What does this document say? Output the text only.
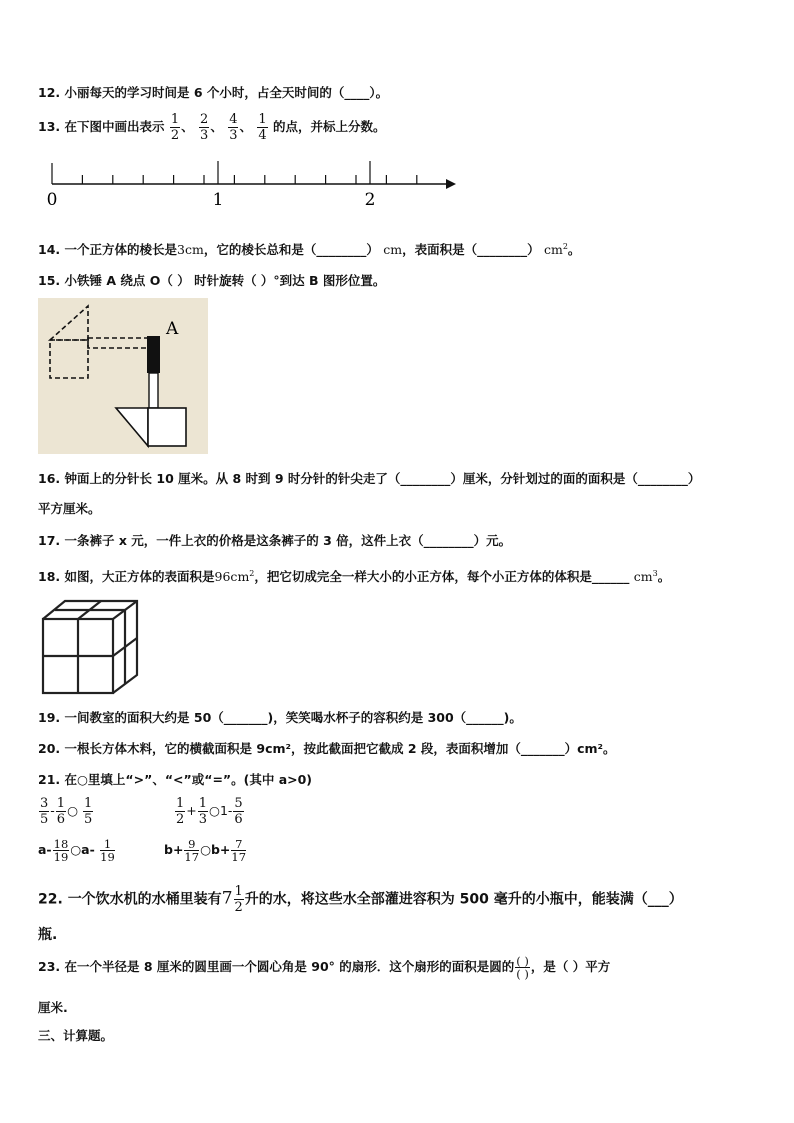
12. 小丽每天的学习时间是 6 个小时，占全天时间的（____）。
13. 在下图中画出表示 $\frac{1}{2}$ 、 $\frac{2}{3}$ 、 $\frac{4}{3}$ 、 $\frac{1}{4}$ 的点，并标上分数。
0	1	2
14. 一个正方体的棱长是3cm，它的棱长总和是（________） cm，表面积是（________） $cm^2$。
15. 小铁锤 A 绕点 O（ ） 时针旋转（ ）°到达 B 图形位置。
A
16. 钟面上的分针长 10 厘米。从 8 时到 9 时分针的针尖走了（________）厘米，分针划过的面的面积是（________）
平方厘米。
17. 一条裤子 x 元，一件上衣的价格是这条裤子的 3 倍，这件上衣（________）元。
18. 如图，大正方体的表面积是$96cm^2$，把它切成完全一样大小的小正方体，每个小正方体的体积是______ $cm^3$。
19. 一间教室的面积大约是 50（_______)，笑笑喝水杯子的容积约是 300（______)。
20. 一根长方体木料，它的横截面积是 9cm²，按此截面把它截成 2 段，表面积增加（_______）cm²。
21. 在○里填上“>”、“<”或“=”。(其中 a>0)
$\frac{3}{5} - \frac{1}{6}$ ○ $\frac{1}{5}$	$\frac{1}{2} + \frac{1}{3}$ ○1- $\frac{5}{6}$
$a- \frac{18}{19}$ ○a- $\frac{1}{19}$	$b+ \frac{9}{17}$ ○b+ $\frac{7}{17}$
22. 一个饮水机的水桶里装有$7 \frac{1}{2}$ 升的水，将这些水全部灌进容积为 500 毫升的小瓶中，能装满（___）
瓶.
23. 在一个半径是 8 厘米的圆里画一个圆心角是 90° 的扇形．这个扇形的面积是圆的 $\frac{( )}{( )}$ ，是（ ）平方
厘米.
三、计算题。
